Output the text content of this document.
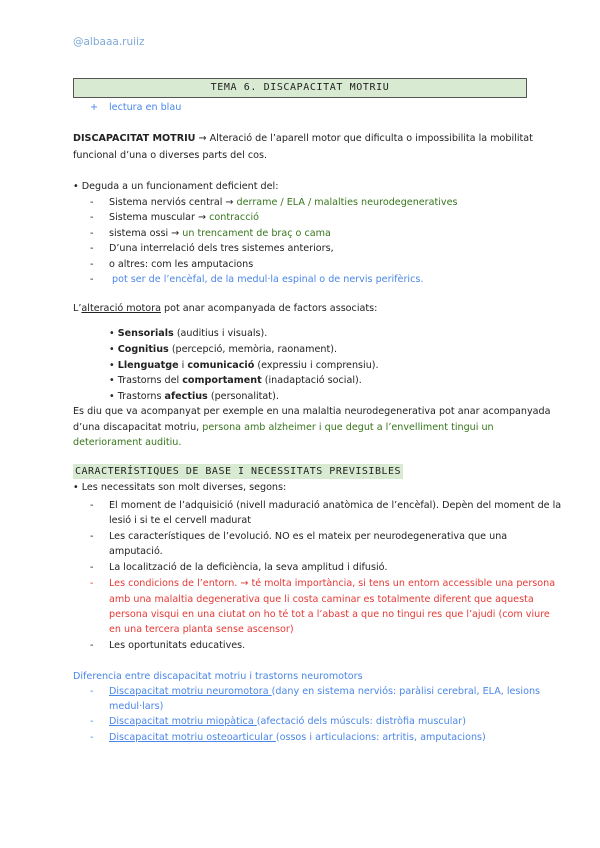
@albaaa.ruiiz
TEMA 6. DISCAPACITAT MOTRIU
+ lectura en blau
DISCAPACITAT MOTRIU → Alteració de l’aparell motor que dificulta o impossibilita la mobilitat
funcional d’una o diverses parts del cos.
• Deguda a un funcionament deficient del:
- Sistema nerviós central → derrame / ELA / malalties neurodegeneratives
- Sistema muscular → contracció
- sistema ossi → un trencament de braç o cama
- D’una interrelació dels tres sistemes anteriors,
- o altres: com les amputacions
- pot ser de l’encèfal, de la medul·la espinal o de nervis perifèrics.
L’alteració motora pot anar acompanyada de factors associats:
• Sensorials (auditius i visuals).
• Cognitius (percepció, memòria, raonament).
• Llenguatge i comunicació (expressiu i comprensiu).
• Trastorns del comportament (inadaptació social).
• Trastorns afectius (personalitat).
Es diu que va acompanyat per exemple en una malaltia neurodegenerativa pot anar acompanyada
d’una discapacitat motriu, persona amb alzheimer i que degut a l’envelliment tingui un
deteriorament auditiu.
CARACTERÍSTIQUES DE BASE I NECESSITATS PREVISIBLES
• Les necessitats son molt diverses, segons:
- El moment de l’adquisició (nivell maduració anatòmica de l’encèfal). Depèn del moment de la
lesió i si te el cervell madurat
- Les característiques de l’evolució. NO es el mateix per neurodegenerativa que una
amputació.
- La localització de la deficiència, la seva amplitud i difusió.
- Les condicions de l’entorn. → té molta importància, si tens un entorn accessible una persona
amb una malaltia degenerativa que li costa caminar es totalmente diferent que aquesta
persona visqui en una ciutat on ho té tot a l’abast a que no tingui res que l’ajudi (com viure
en una tercera planta sense ascensor)
- Les oportunitats educatives.
Diferencia entre discapacitat motriu i trastorns neuromotors
- Discapacitat motriu neuromotora (dany en sistema nerviós: paràlisi cerebral, ELA, lesions
medul·lars)
- Discapacitat motriu miopàtica (afectació dels músculs: distròfia muscular)
- Discapacitat motriu osteoarticular (ossos i articulacions: artritis, amputacions)
